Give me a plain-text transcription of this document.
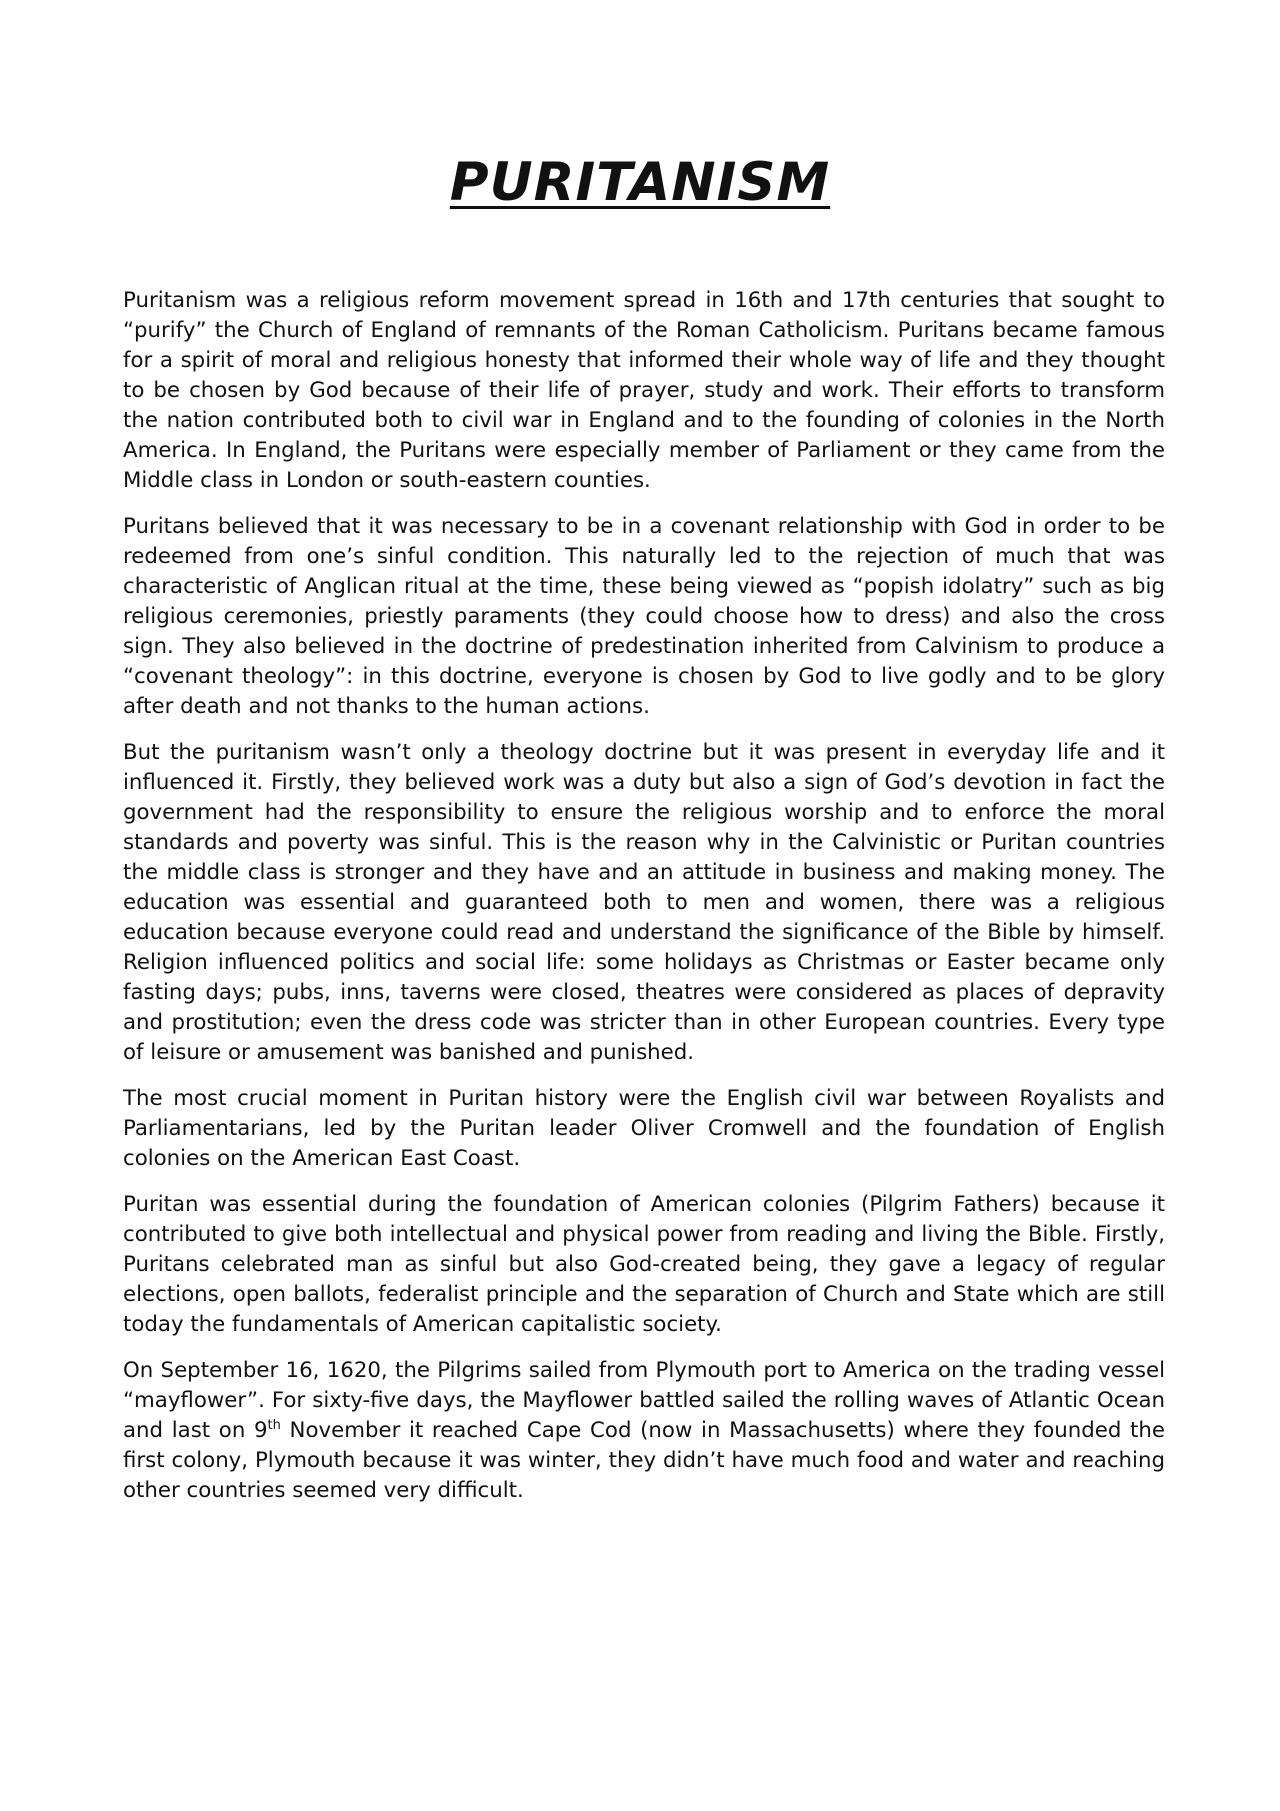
PURITANISM

Puritanism was a religious reform movement spread in 16th and 17th centuries that sought to “purify” the Church of England of remnants of the Roman Catholicism. Puritans became famous for a spirit of moral and religious honesty that informed their whole way of life and they thought to be chosen by God because of their life of prayer, study and work. Their efforts to transform the nation contributed both to civil war in England and to the founding of colonies in the North America. In England, the Puritans were especially member of Parliament or they came from the Middle class in London or south-eastern counties.

Puritans believed that it was necessary to be in a covenant relationship with God in order to be redeemed from one’s sinful condition. This naturally led to the rejection of much that was characteristic of Anglican ritual at the time, these being viewed as “popish idolatry” such as big religious ceremonies, priestly paraments (they could choose how to dress) and also the cross sign. They also believed in the doctrine of predestination inherited from Calvinism to produce a “covenant theology”: in this doctrine, everyone is chosen by God to live godly and to be glory after death and not thanks to the human actions.

But the puritanism wasn’t only a theology doctrine but it was present in everyday life and it influenced it. Firstly, they believed work was a duty but also a sign of God’s devotion in fact the government had the responsibility to ensure the religious worship and to enforce the moral standards and poverty was sinful. This is the reason why in the Calvinistic or Puritan countries the middle class is stronger and they have and an attitude in business and making money. The education was essential and guaranteed both to men and women, there was a religious education because everyone could read and understand the significance of the Bible by himself. Religion influenced politics and social life: some holidays as Christmas or Easter became only fasting days; pubs, inns, taverns were closed, theatres were considered as places of depravity and prostitution; even the dress code was stricter than in other European countries. Every type of leisure or amusement was banished and punished.

The most crucial moment in Puritan history were the English civil war between Royalists and Parliamentarians, led by the Puritan leader Oliver Cromwell and the foundation of English colonies on the American East Coast.

Puritan was essential during the foundation of American colonies (Pilgrim Fathers) because it contributed to give both intellectual and physical power from reading and living the Bible. Firstly, Puritans celebrated man as sinful but also God-created being, they gave a legacy of regular elections, open ballots, federalist principle and the separation of Church and State which are still today the fundamentals of American capitalistic society.

On September 16, 1620, the Pilgrims sailed from Plymouth port to America on the trading vessel “mayflower”. For sixty-five days, the Mayflower battled sailed the rolling waves of Atlantic Ocean and last on 9th November it reached Cape Cod (now in Massachusetts) where they founded the first colony, Plymouth because it was winter, they didn’t have much food and water and reaching other countries seemed very difficult.
